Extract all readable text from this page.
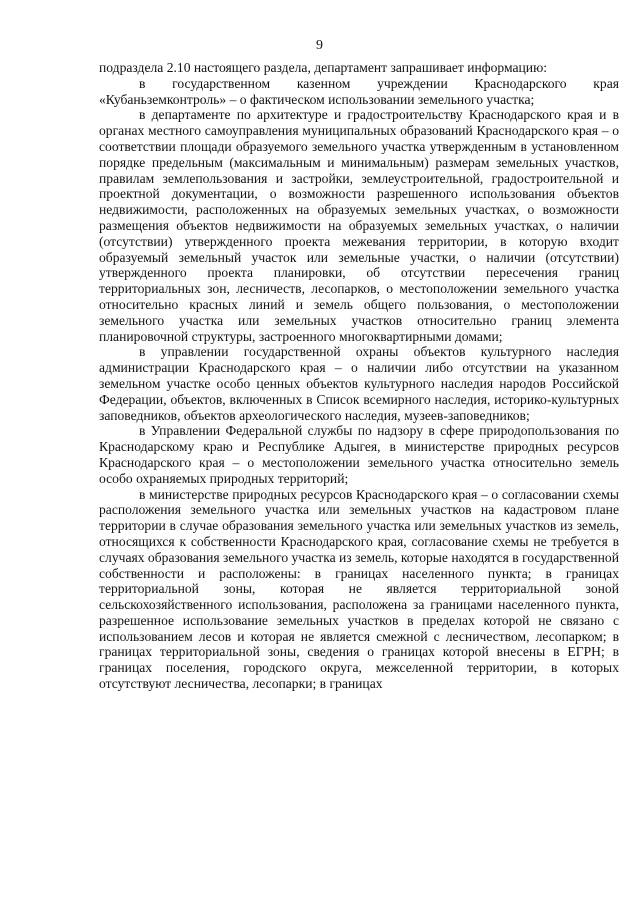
9

подраздела 2.10 настоящего раздела, департамент запрашивает информацию:

в государственном казенном учреждении Краснодарского края «Кубаньземконтроль» – о фактическом использовании земельного участка;

в департаменте по архитектуре и градостроительству Краснодарского края и в органах местного самоуправления муниципальных образований Краснодарского края – о соответствии площади образуемого земельного участка утвержденным в установленном порядке предельным (максимальным и минимальным) размерам земельных участков, правилам землепользования и застройки, землеустроительной, градостроительной и проектной документации, о возможности разрешенного использования объектов недвижимости, расположенных на образуемых земельных участках, о возможности размещения объектов недвижимости на образуемых земельных участках, о наличии (отсутствии) утвержденного проекта межевания территории, в которую входит образуемый земельный участок или земельные участки, о наличии (отсутствии) утвержденного проекта планировки, об отсутствии пересечения границ территориальных зон, лесничеств, лесопарков, о местоположении земельного участка относительно красных линий и земель общего пользования, о местоположении земельного участка или земельных участков относительно границ элемента планировочной структуры, застроенного многоквартирными домами;

в управлении государственной охраны объектов культурного наследия администрации Краснодарского края – о наличии либо отсутствии на указанном земельном участке особо ценных объектов культурного наследия народов Российской Федерации, объектов, включенных в Список всемирного наследия, историко-культурных заповедников, объектов археологического наследия, музеев-заповедников;

в Управлении Федеральной службы по надзору в сфере природопользования по Краснодарскому краю и Республике Адыгея, в министерстве природных ресурсов Краснодарского края – о местоположении земельного участка относительно земель особо охраняемых природных территорий;

в министерстве природных ресурсов Краснодарского края – о согласовании схемы расположения земельного участка или земельных участков на кадастровом плане территории в случае образования земельного участка или земельных участков из земель, относящихся к собственности Краснодарского края, согласование схемы не требуется в случаях образования земельного участка из земель, которые находятся в государственной собственности и расположены: в границах населенного пункта; в границах территориальной зоны, которая не является территориальной зоной сельскохозяйственного использования, расположена за границами населенного пункта, разрешенное использование земельных участков в пределах которой не связано с использованием лесов и которая не является смежной с лесничеством, лесопарком; в границах территориальной зоны, сведения о границах которой внесены в ЕГРН; в границах поселения, городского округа, межселенной территории, в которых отсутствуют лесничества, лесопарки; в границах
